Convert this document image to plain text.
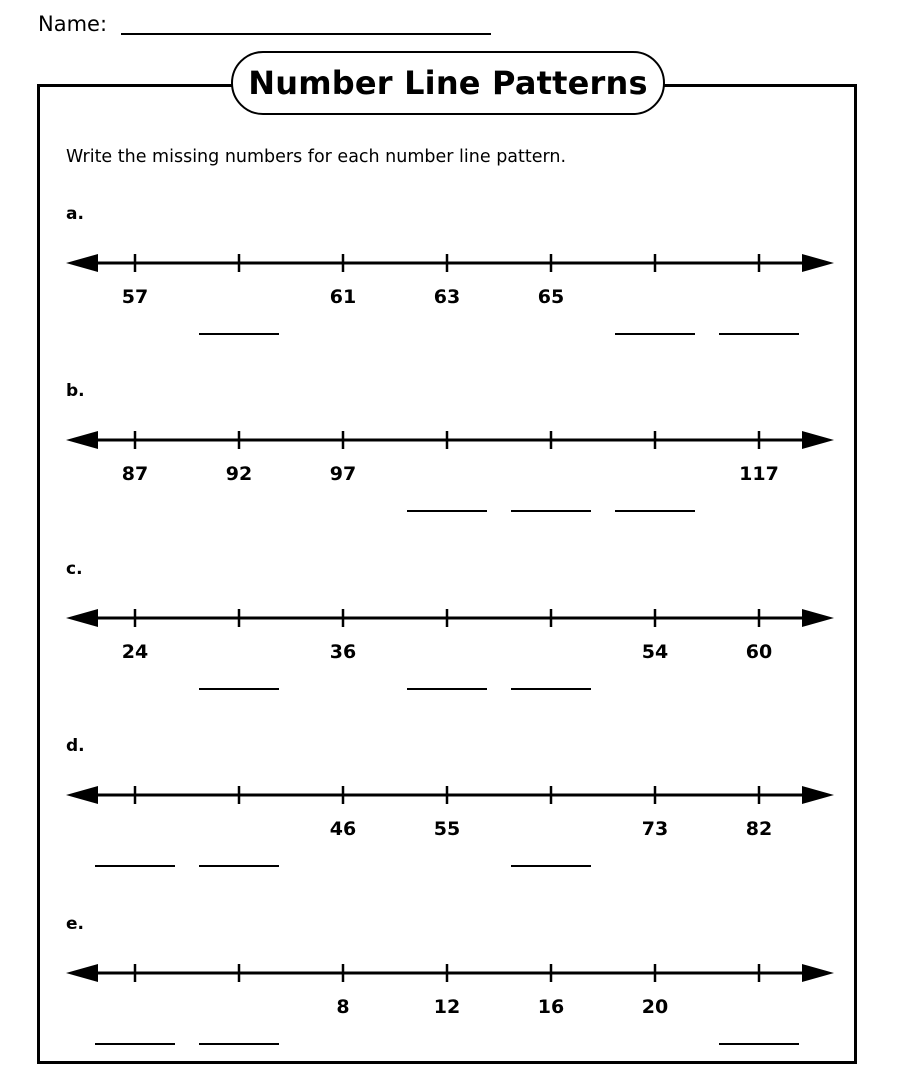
Name:
Number Line Patterns
Write the missing numbers for each number line pattern.
a.
57	61	63	65
b.
87	92	97	117
c.
24	36	54	60
d.
46	55	73	82
e.
8	12	16	20
